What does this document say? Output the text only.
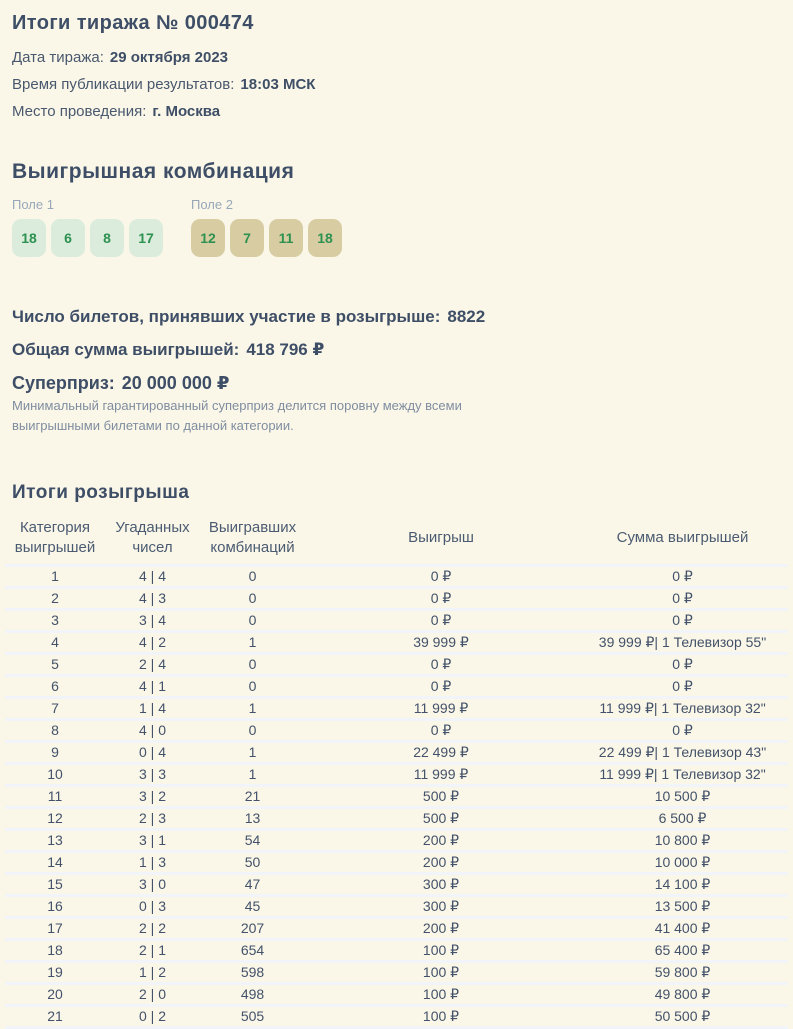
Итоги тиража № 000474
Дата тиража: 29 октября 2023
Время публикации результатов: 18:03 МСК
Место проведения: г. Москва
Выигрышная комбинация
Поле 1
18	6	8	17
Поле 2
12	7	11	18
Число билетов, принявших участие в розыгрыше: 8822
Общая сумма выигрышей: 418 796 ₽
Суперприз: 20 000 000 ₽

Минимальный гарантированный суперприз делится поровну между всеми выигрышными билетами по данной категории.

Итоги розыгрыша
Категория выигрышей	Угаданных чисел	Выигравших комбинаций	Выигрыш	Сумма выигрышей
1	4 | 4	0	0 ₽	0 ₽
2	4 | 3	0	0 ₽	0 ₽
3	3 | 4	0	0 ₽	0 ₽
4	4 | 2	1	39 999 ₽	39 999 ₽| 1 Телевизор 55"
5	2 | 4	0	0 ₽	0 ₽
6	4 | 1	0	0 ₽	0 ₽
7	1 | 4	1	11 999 ₽	11 999 ₽| 1 Телевизор 32"
8	4 | 0	0	0 ₽	0 ₽
9	0 | 4	1	22 499 ₽	22 499 ₽| 1 Телевизор 43"
10	3 | 3	1	11 999 ₽	11 999 ₽| 1 Телевизор 32"
11	3 | 2	21	500 ₽	10 500 ₽
12	2 | 3	13	500 ₽	6 500 ₽
13	3 | 1	54	200 ₽	10 800 ₽
14	1 | 3	50	200 ₽	10 000 ₽
15	3 | 0	47	300 ₽	14 100 ₽
16	0 | 3	45	300 ₽	13 500 ₽
17	2 | 2	207	200 ₽	41 400 ₽
18	2 | 1	654	100 ₽	65 400 ₽
19	1 | 2	598	100 ₽	59 800 ₽
20	2 | 0	498	100 ₽	49 800 ₽
21	0 | 2	505	100 ₽	50 500 ₽
